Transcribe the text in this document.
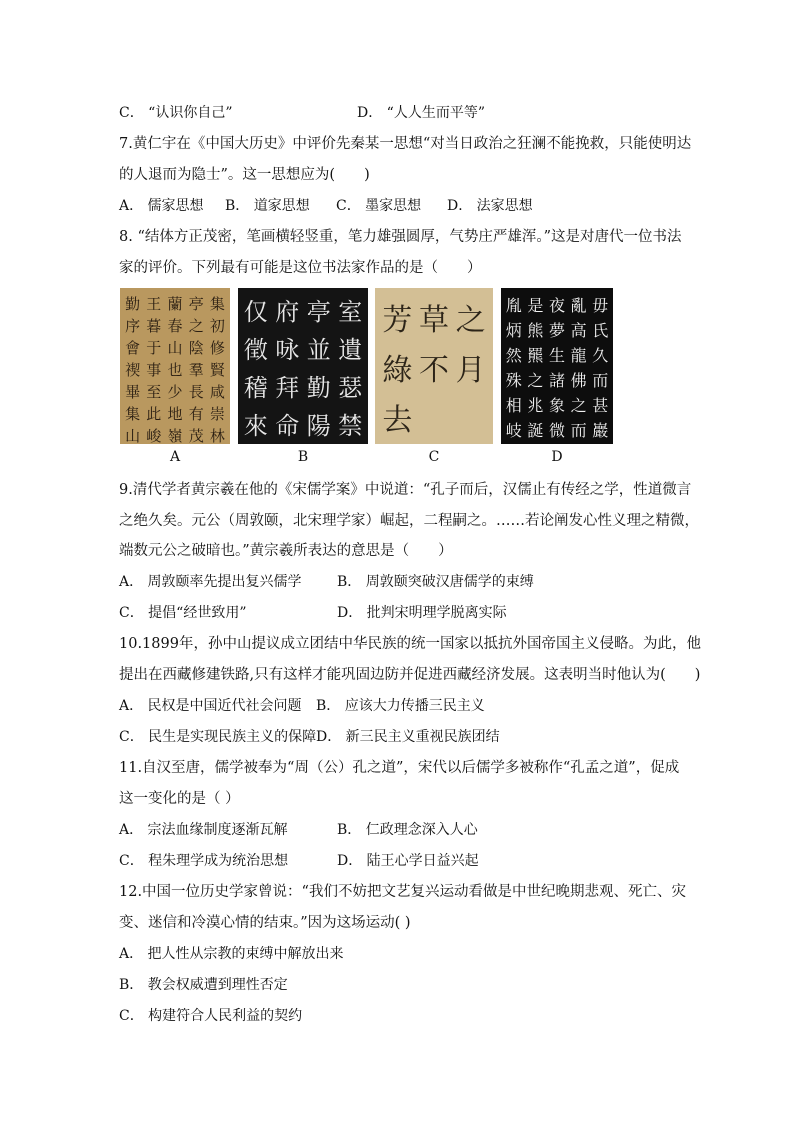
C． “认识你自己”	D． “人人生而平等”
7.黄仁宇在《中国大历史》中评价先秦某一思想“对当日政治之狂澜不能挽救，只能使明达
的人退而为隐士”。这一思想应为(　　)
A． 儒家思想 B． 道家思想 C． 墨家思想 D． 法家思想
8. “结体方正茂密，笔画横轻竖重，笔力雄强圆厚，气势庄严雄浑。”这是对唐代一位书法
家的评价。下列最有可能是这位书法家作品的是（　　）
勤 王 蘭 亭 集
序 暮 春 之 初
會 于 山 陰 修
禊 事 也 羣 賢
畢 至 少 長 咸
集 此 地 有 崇
山 峻 嶺 茂 林
仅 府 亭 室
徵 咏 並 遺
稽 拜 勤 瑟
來 命 陽 禁
芳 草 之
綠 不 月
去
胤 是 夜 亂 毋
炳 熊 夢 高 氏
然 羆 生 龍 久
殊 之 諸 佛 而
相 兆 象 之 甚
岐 誕 微 而 巖
A	B	C	D
9.清代学者黄宗羲在他的《宋儒学案》中说道：“孔子而后，汉儒止有传经之学，性道微言
之绝久矣。元公（周敦颐，北宋理学家）崛起，二程嗣之。……若论阐发心性义理之精微，
端数元公之破暗也。”黄宗羲所表达的意思是（　　）
A． 周敦颐率先提出复兴儒学	B． 周敦颐突破汉唐儒学的束缚
C． 提倡“经世致用”	D． 批判宋明理学脱离实际
10.1899年，孙中山提议成立团结中华民族的统一国家以抵抗外国帝国主义侵略。为此，他
提出在西藏修建铁路,只有这样才能巩固边防并促进西藏经济发展。这表明当时他认为(　　)
A． 民权是中国近代社会问题 B． 应该大力传播三民主义
C． 民生是实现民族主义的保障 D． 新三民主义重视民族团结
11.自汉至唐，儒学被奉为“周（公）孔之道”，宋代以后儒学多被称作“孔孟之道”，促成
这一变化的是（ ）
A． 宗法血缘制度逐渐瓦解	B． 仁政理念深入人心
C． 程朱理学成为统治思想	D． 陆王心学日益兴起
12.中国一位历史学家曾说：“我们不妨把文艺复兴运动看做是中世纪晚期悲观、死亡、灾
变、迷信和冷漠心情的结束。”因为这场运动( )
A． 把人性从宗教的束缚中解放出来
B． 教会权威遭到理性否定
C． 构建符合人民利益的契约
